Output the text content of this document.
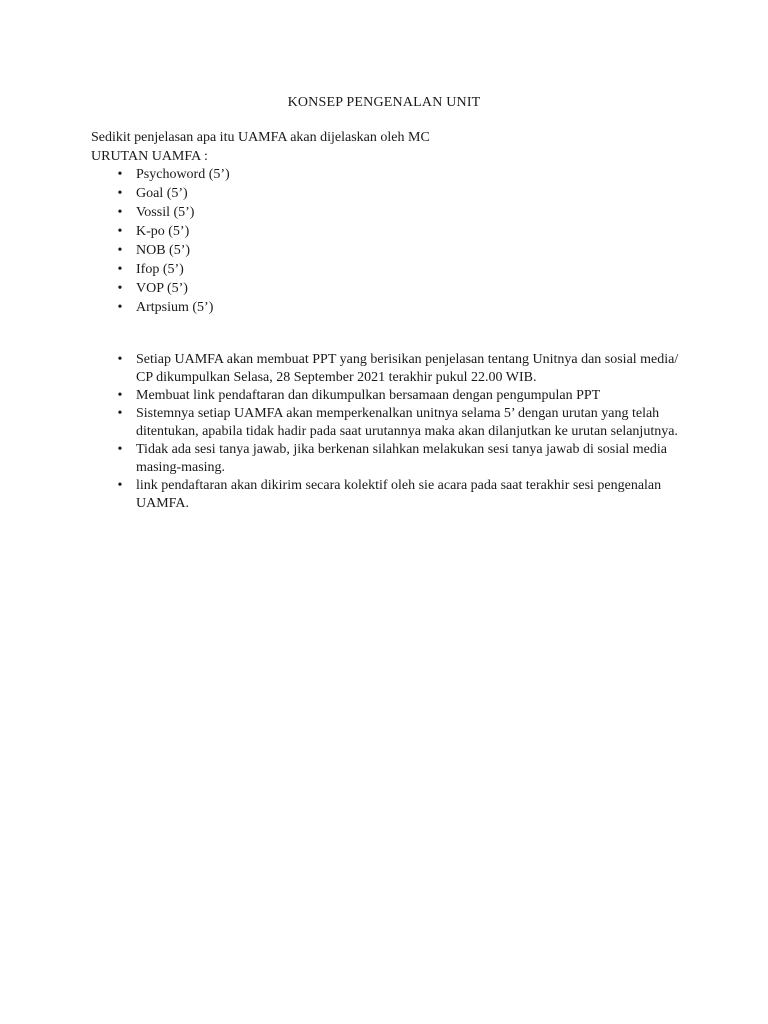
KONSEP PENGENALAN UNIT

Sedikit penjelasan apa itu UAMFA akan dijelaskan oleh MC

URUTAN UAMFA :

• Psychoword (5’)
• Goal (5’)
• Vossil (5’)
• K-po (5’)
• NOB (5’)
• Ifop (5’)
• VOP (5’)
• Artpsium (5’)
• Setiap UAMFA akan membuat PPT yang berisikan penjelasan tentang Unitnya dan sosial media/ CP dikumpulkan Selasa, 28 September 2021 terakhir pukul 22.00 WIB.
• Membuat link pendaftaran dan dikumpulkan bersamaan dengan pengumpulan PPT
• Sistemnya setiap UAMFA akan memperkenalkan unitnya selama 5’ dengan urutan yang telah ditentukan, apabila tidak hadir pada saat urutannya maka akan dilanjutkan ke urutan selanjutnya.
• Tidak ada sesi tanya jawab, jika berkenan silahkan melakukan sesi tanya jawab di sosial media masing-masing.
• link pendaftaran akan dikirim secara kolektif oleh sie acara pada saat terakhir sesi pengenalan UAMFA.
